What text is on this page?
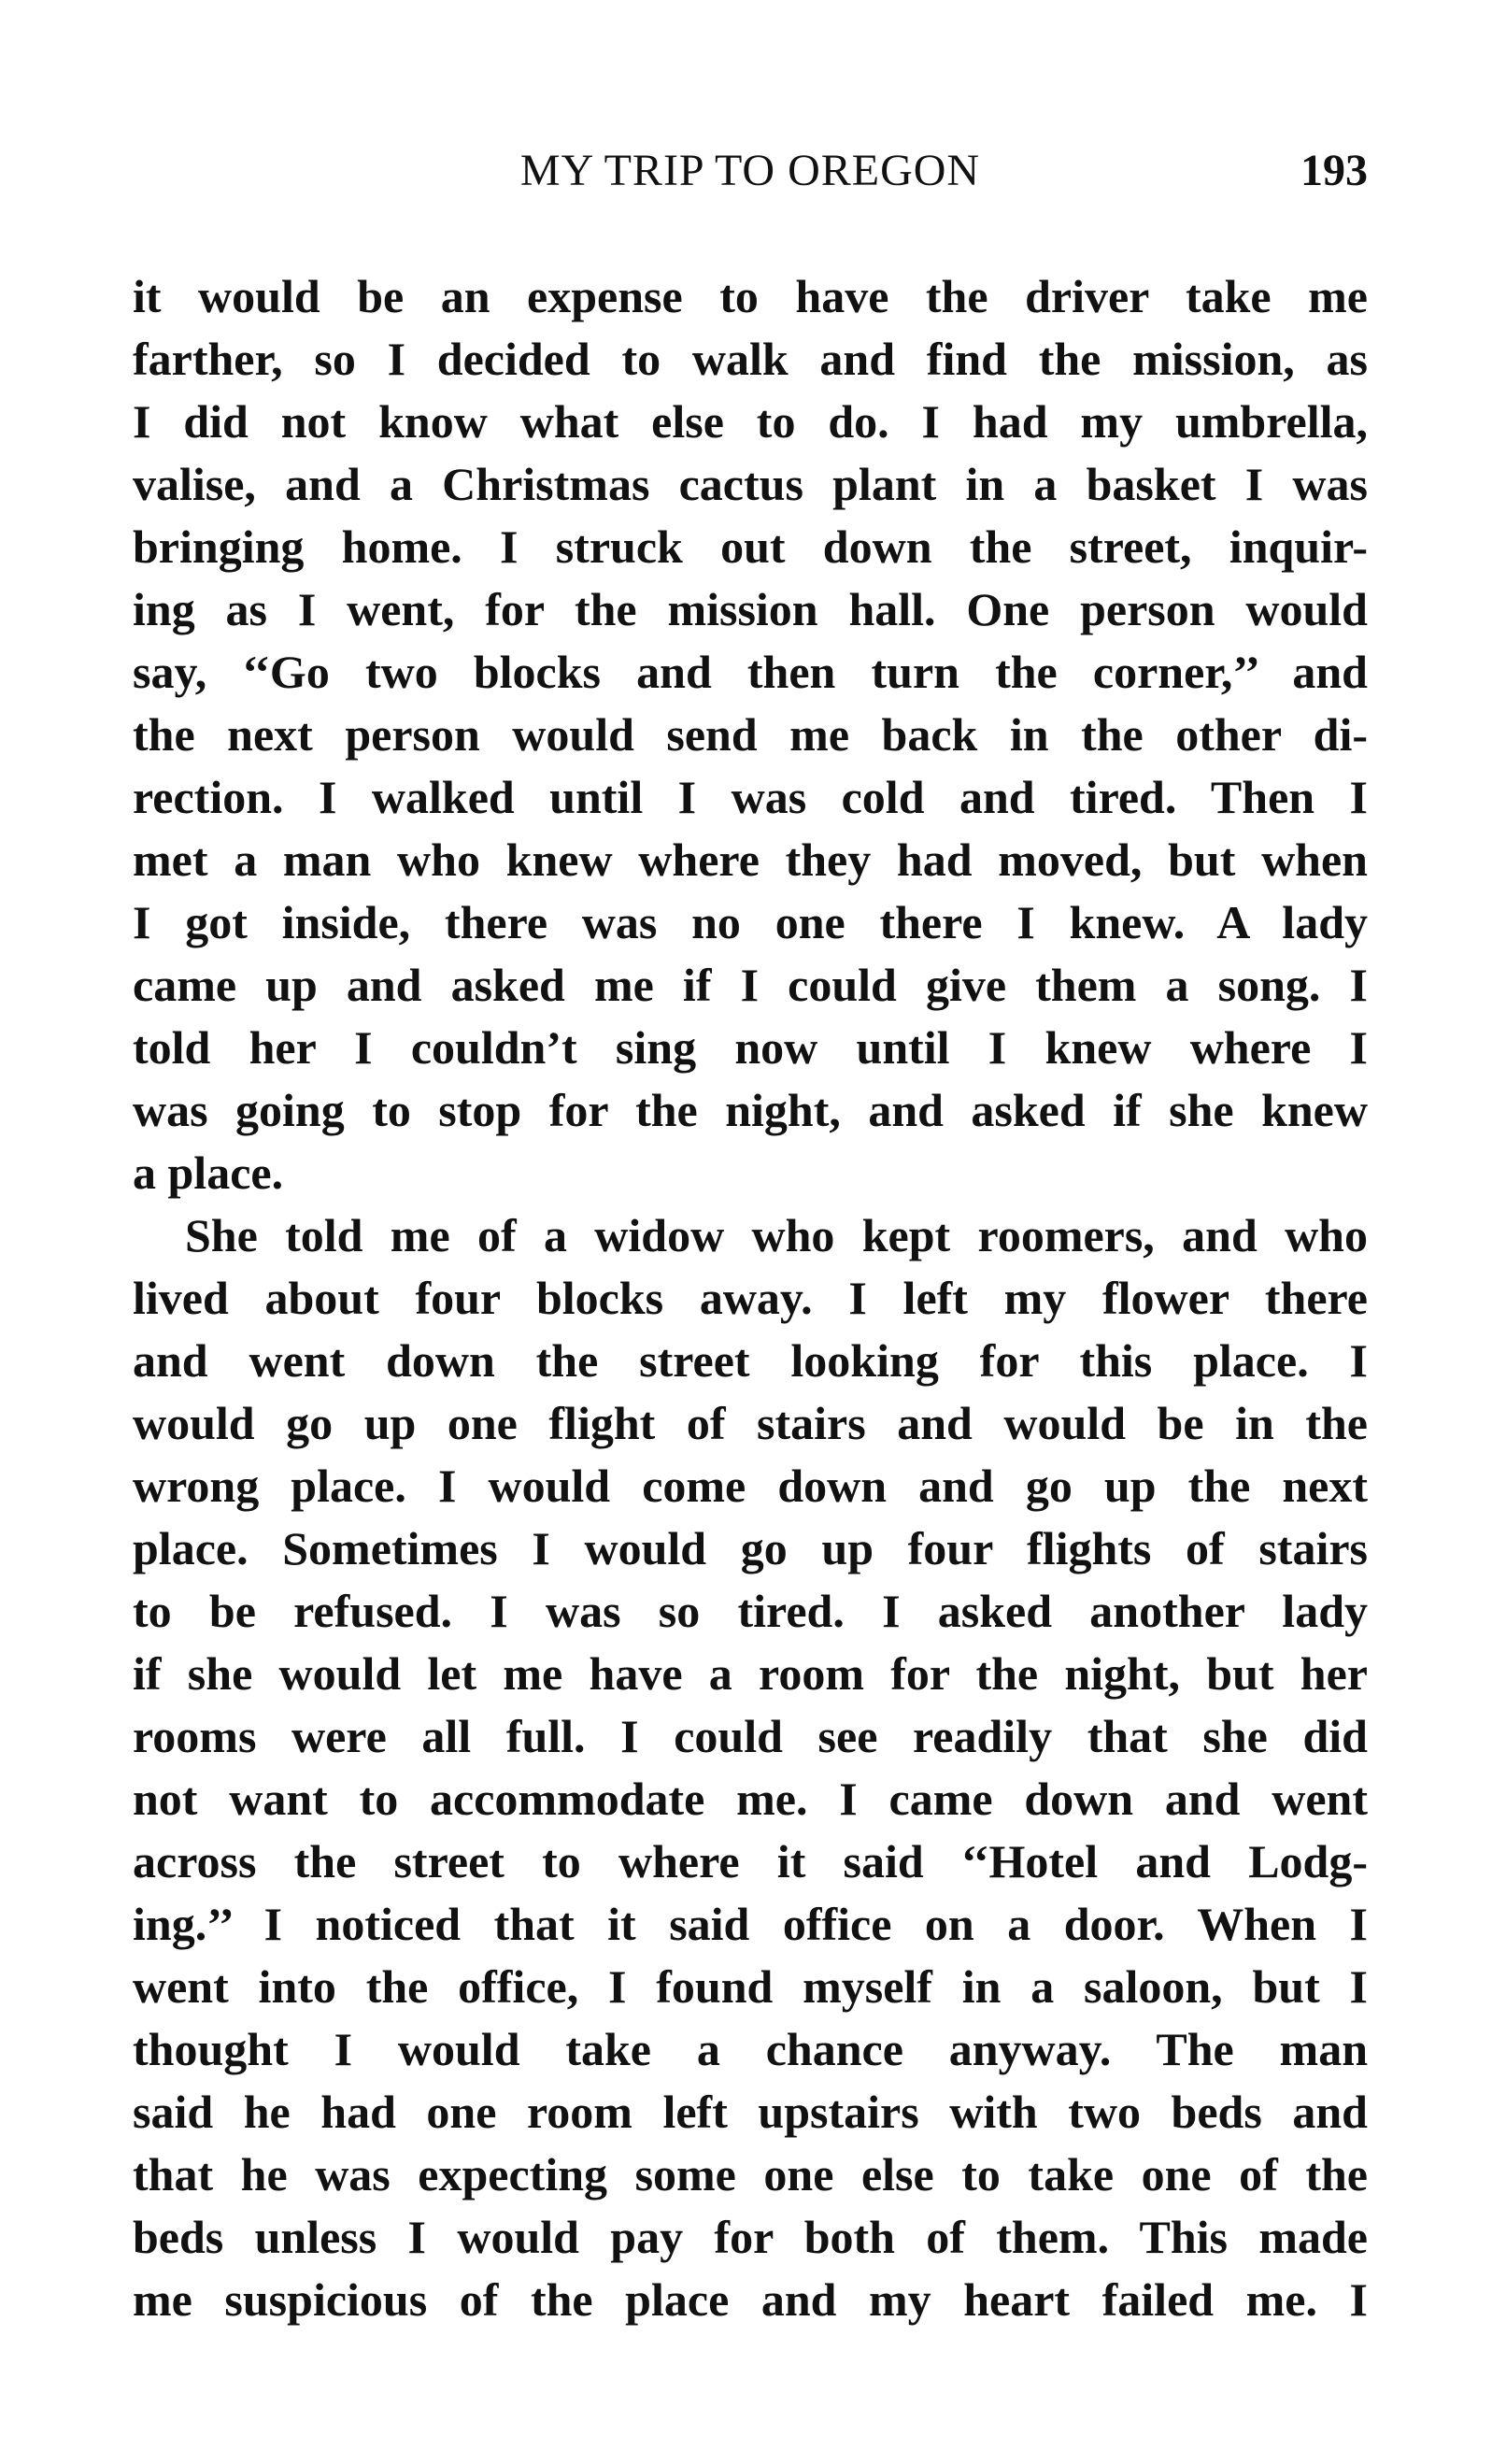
MY TRIP TO OREGON	193
it would be an expense to have the driver take me
farther, so I decided to walk and find the mission, as
I did not know what else to do. I had my umbrella,
valise, and a Christmas cactus plant in a basket I was
bringing home. I struck out down the street, inquir-
ing as I went, for the mission hall. One person would
say, ‘‘Go two blocks and then turn the corner,’’ and
the next person would send me back in the other di-
rection. I walked until I was cold and tired. Then I
met a man who knew where they had moved, but when
I got inside, there was no one there I knew. A lady
came up and asked me if I could give them a song. I
told her I couldn’t sing now until I knew where I
was going to stop for the night, and asked if she knew
a place.
She told me of a widow who kept roomers, and who
lived about four blocks away. I left my flower there
and went down the street looking for this place. I
would go up one flight of stairs and would be in the
wrong place. I would come down and go up the next
place. Sometimes I would go up four flights of stairs
to be refused. I was so tired. I asked another lady
if she would let me have a room for the night, but her
rooms were all full. I could see readily that she did
not want to accommodate me. I came down and went
across the street to where it said ‘‘Hotel and Lodg-
ing.’’ I noticed that it said office on a door. When I
went into the office, I found myself in a saloon, but I
thought I would take a chance anyway. The man
said he had one room left upstairs with two beds and
that he was expecting some one else to take one of the
beds unless I would pay for both of them. This made
me suspicious of the place and my heart failed me. I
